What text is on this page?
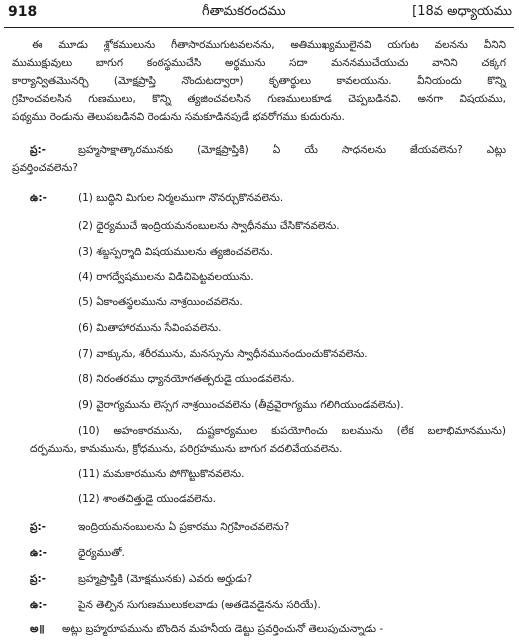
918	గీతామకరందము	[18వ అధ్యాయము
ఈ మూడు శ్లోకములును గీతాసారముగుటవలనను, అతిముఖ్యములైనవి యగుట వలనను వీనిని
ముముక్షువులు బాగుగ కంఠస్థముచేసి అర్థమును సదా మననముచేయుచు వానిని చక్కగ
కార్యాన్వితమొనర్చి (మోక్షప్రాప్తి నొందుటద్వారా) కృతార్థులు కావలయును. వీనియందు కొన్ని
గ్రహించవలసిన గుణములు, కొన్ని త్యజించవలసిన గుణములుకూడ చెప్పబడినవి. అనగా విషయము,
పథ్యము రెండును తెలుపబడినవి రెండును సమకూడినపుడే భవరోగము కుదురును.
ప్ర:-	బ్రహ్మసాక్షాత్కారమునకు (మోక్షప్రాప్తికి) ఏ యే సాధనలను జేయవలెను? ఎట్లు
ప్రవర్తించవలెను?
ఉ:-	(1) బుద్ధిని మిగుల నిర్మలముగా నొనర్చుకొనవలెను.
(2) ధైర్యముచే ఇంద్రియమనంబులను స్వాధీనము చేసికొనవలెను.
(3) శబ్దస్పర్శాది విషయములను త్యజించవలెను.
(4) రాగద్వేషములను విడిచిపెట్టవలయును.
(5) ఏకాంతస్థలమును నాశ్రయించవలెను.
(6) మితాహారమును సేవింపవలెను.
(7) వాక్కును, శరీరమును, మనస్సును స్వాధీనమునందుంచుకొనవలెను.
(8) నిరంతరము ధ్యానయోగతత్పరుడై యుండవలెను.
(9) వైరాగ్యమును లెస్సగ నాశ్రయించవలెను (తీవ్రవైరాగ్యము గలిగియుండవలెను).
(10) అహంకారమును, దుష్టకార్యముల కుపయోగించు బలమును (లేక బలాభిమానమును)
దర్పమును, కామమును, క్రోధమును, పరిగ్రహమును బాగుగ వదలివేయవలెను.
(11) మమకారమును పోగొట్టుకొనవలెను.
(12) శాంతచిత్తుడై యుండవలెను.
ప్ర:-	ఇంద్రియమనంబులను ఏ ప్రకారము నిగ్రహించవలెను?
ఉ:-	ధైర్యముతో.
ప్ర:-	బ్రహ్మప్రాప్తికి (మోక్షమునకు) ఎవరు అర్హుడు?
ఉ:-	పైన తెల్పిన సుగుణములుకలవాడు (అతడెవడైనను సరియే).
అ॥ అట్లు బ్రహ్మరూపమును బొందిన మహనీయ డెట్టు ప్రవర్తించునో తెలుపుచున్నాడు -
